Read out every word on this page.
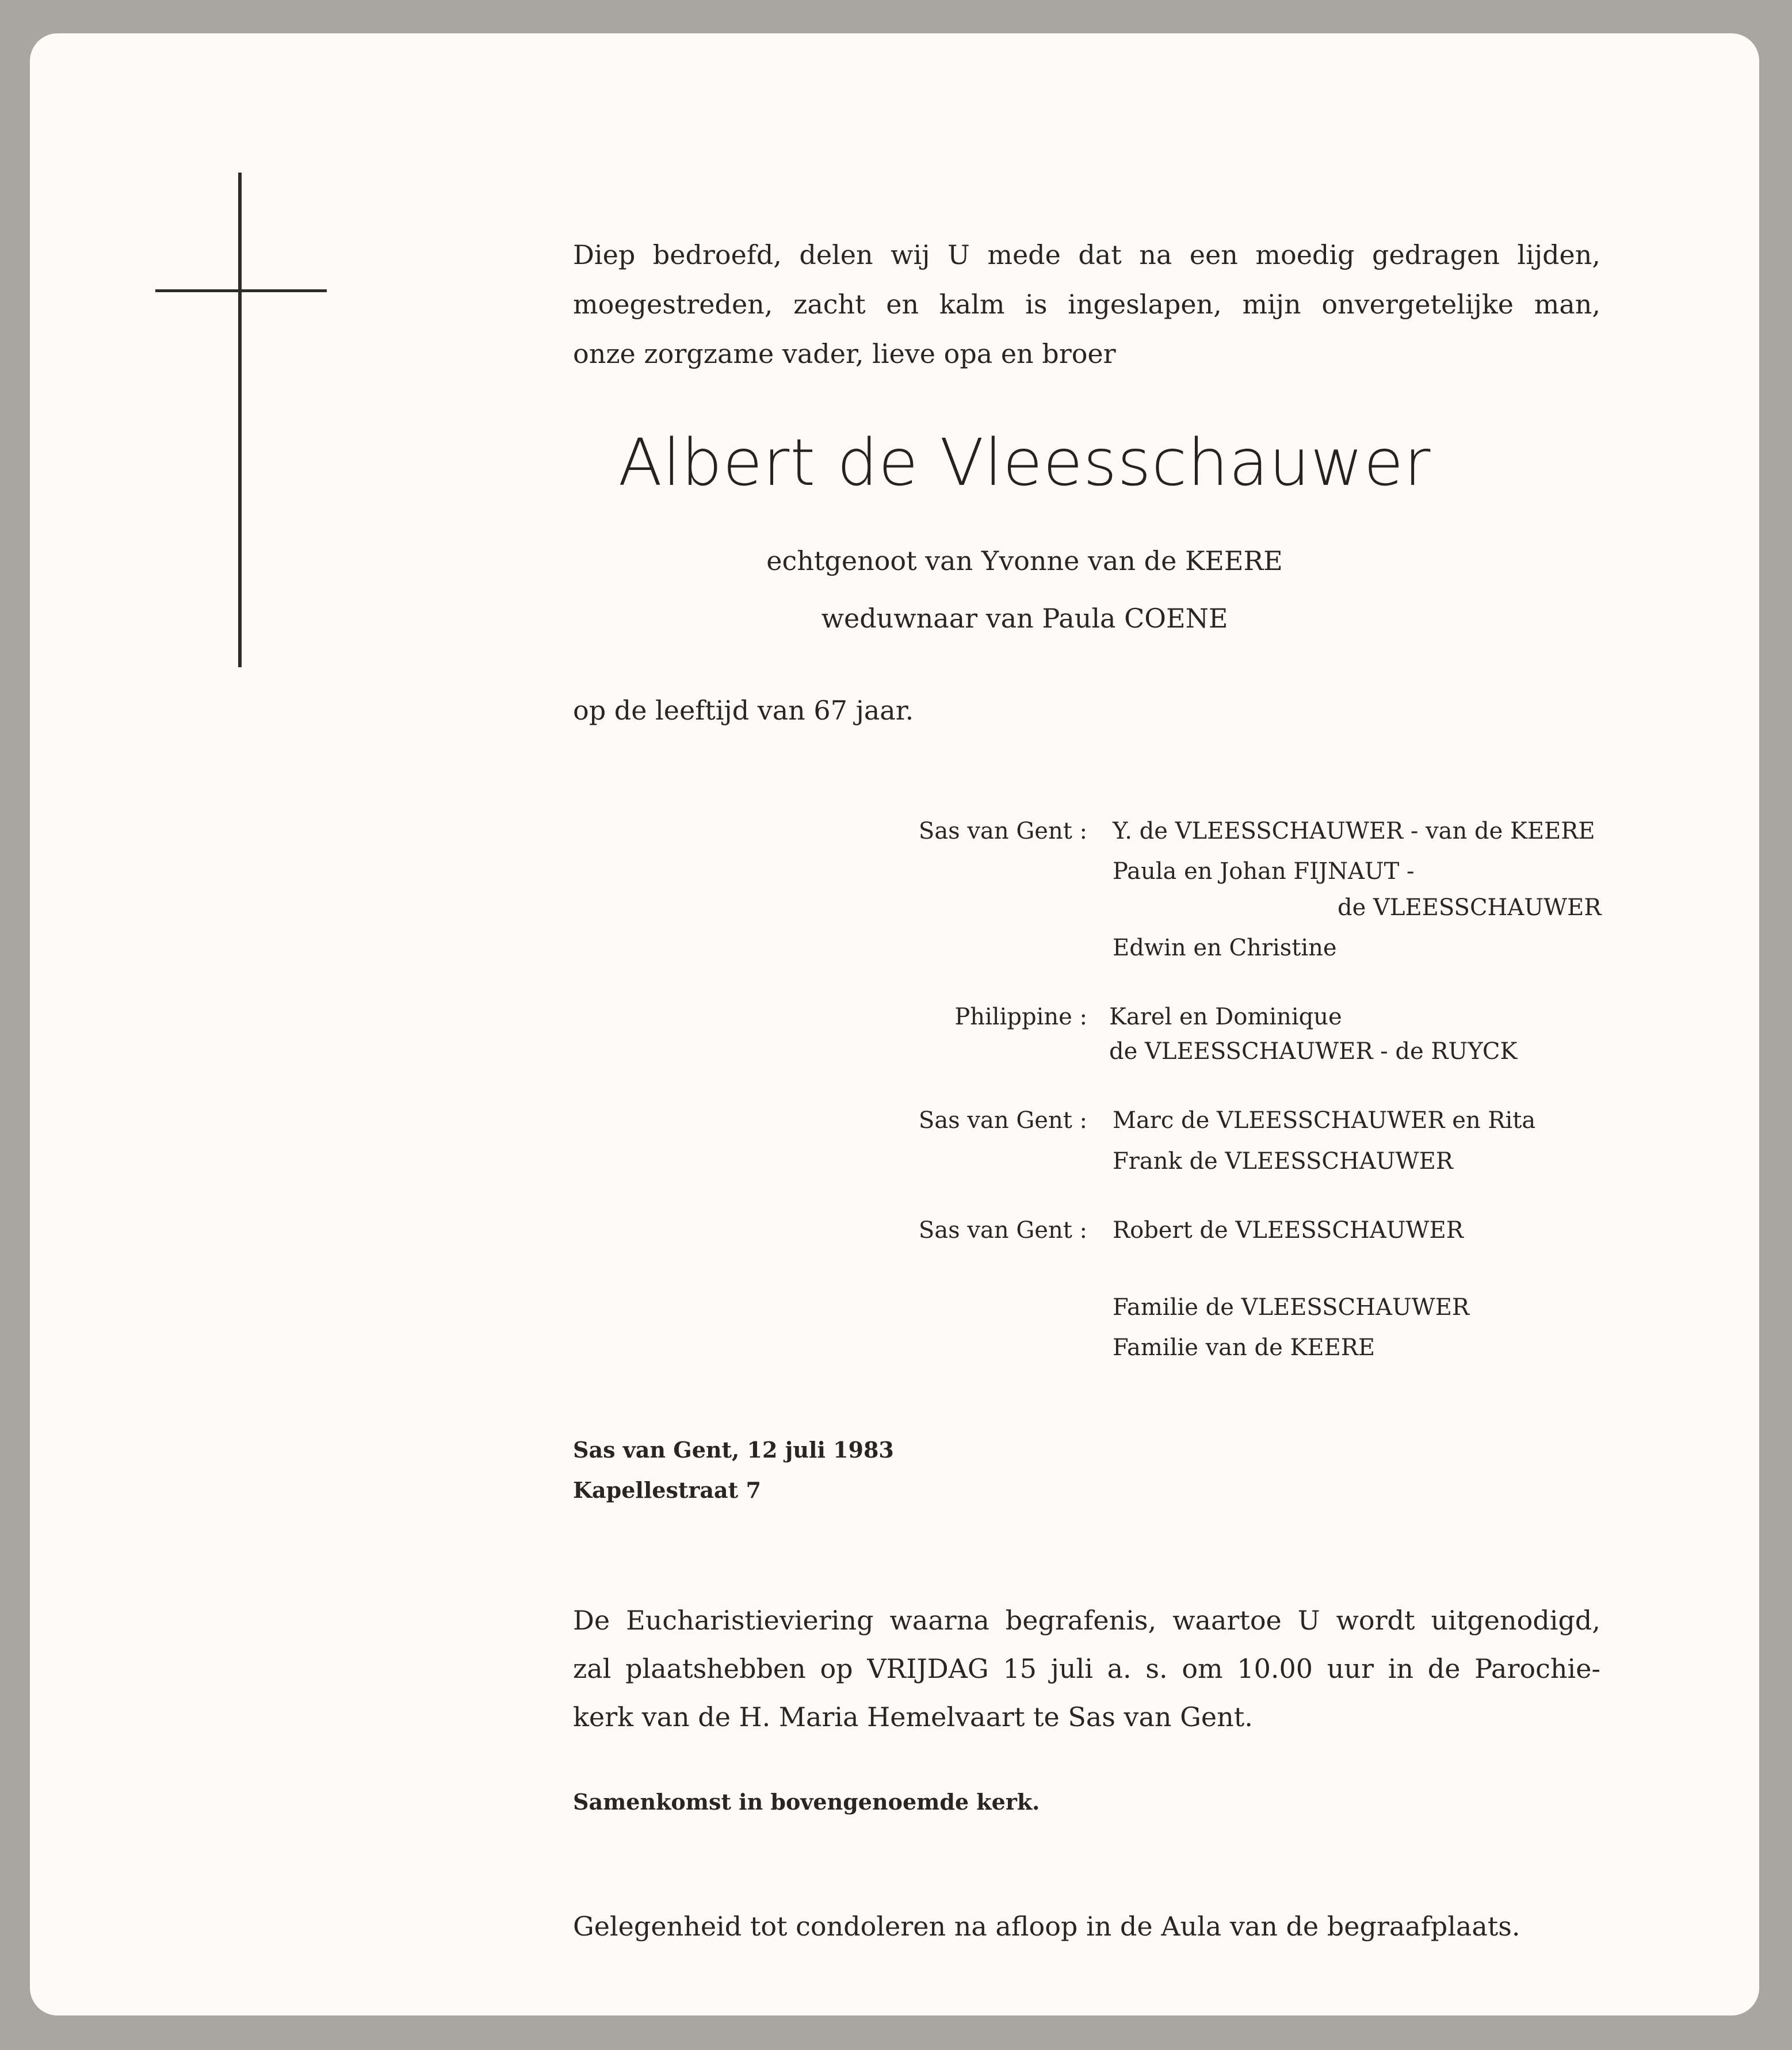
Diep bedroefd, delen wij U mede dat na een moedig gedragen lijden,
moegestreden, zacht en kalm is ingeslapen, mijn onvergetelijke man,
onze zorgzame vader, lieve opa en broer
Albert de Vleesschauwer
echtgenoot van Yvonne van de KEERE
weduwnaar van Paula COENE
op de leeftijd van 67 jaar.
Sas van Gent : Y. de VLEESSCHAUWER - van de KEERE
Paula en Johan FIJNAUT -
de VLEESSCHAUWER
Edwin en Christine
Philippine : Karel en Dominique
de VLEESSCHAUWER - de RUYCK
Sas van Gent : Marc de VLEESSCHAUWER en Rita
Frank de VLEESSCHAUWER
Sas van Gent : Robert de VLEESSCHAUWER
Familie de VLEESSCHAUWER
Familie van de KEERE
Sas van Gent, 12 juli 1983
Kapellestraat 7
De Eucharistieviering waarna begrafenis, waartoe U wordt uitgenodigd,
zal plaatshebben op VRIJDAG 15 juli a. s. om 10.00 uur in de Parochie-
kerk van de H. Maria Hemelvaart te Sas van Gent.
Samenkomst in bovengenoemde kerk.
Gelegenheid tot condoleren na afloop in de Aula van de begraafplaats.
